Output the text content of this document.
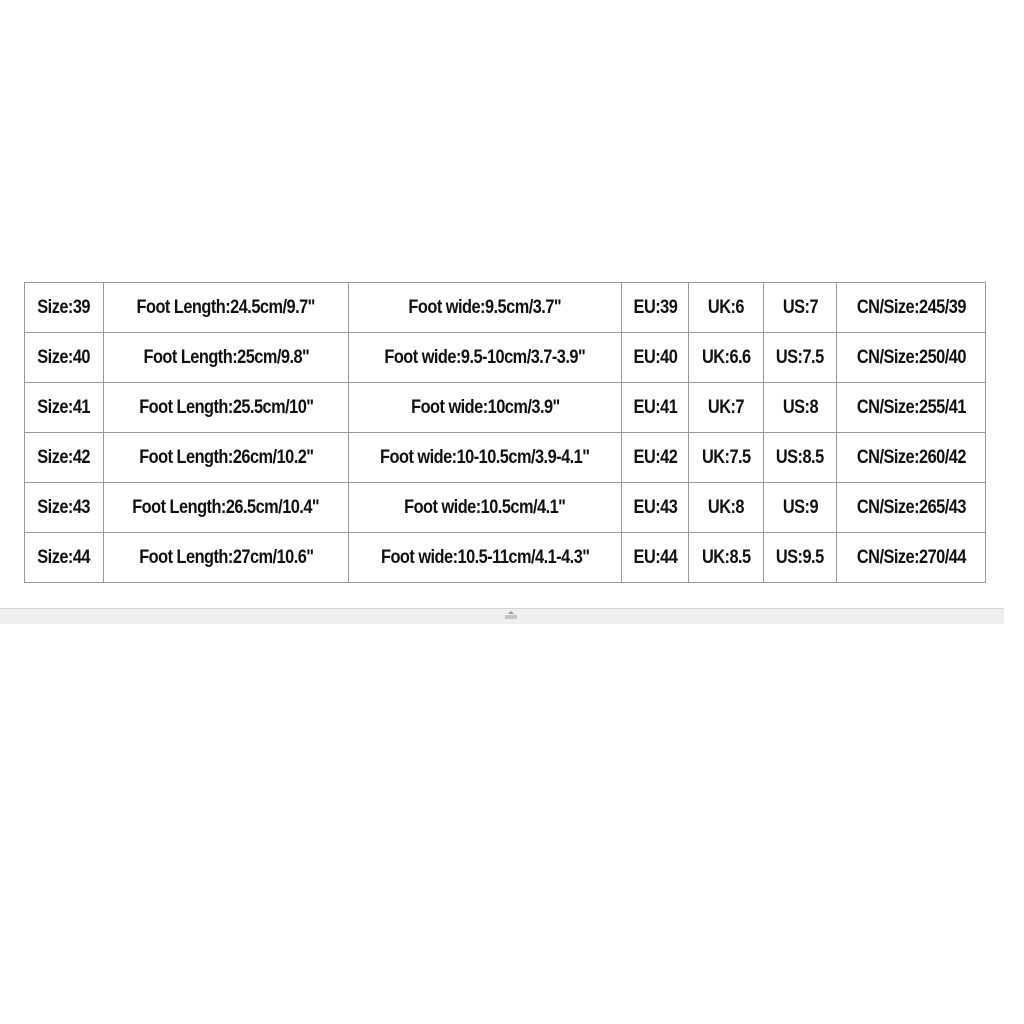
Size:39	Foot Length:24.5cm/9.7"	Foot wide:9.5cm/3.7"	EU:39	UK:6	US:7	CN/Size:245/39
Size:40	Foot Length:25cm/9.8"	Foot wide:9.5-10cm/3.7-3.9"	EU:40	UK:6.6	US:7.5	CN/Size:250/40
Size:41	Foot Length:25.5cm/10"	Foot wide:10cm/3.9"	EU:41	UK:7	US:8	CN/Size:255/41
Size:42	Foot Length:26cm/10.2"	Foot wide:10-10.5cm/3.9-4.1"	EU:42	UK:7.5	US:8.5	CN/Size:260/42
Size:43	Foot Length:26.5cm/10.4"	Foot wide:10.5cm/4.1"	EU:43	UK:8	US:9	CN/Size:265/43
Size:44	Foot Length:27cm/10.6"	Foot wide:10.5-11cm/4.1-4.3"	EU:44	UK:8.5	US:9.5	CN/Size:270/44
